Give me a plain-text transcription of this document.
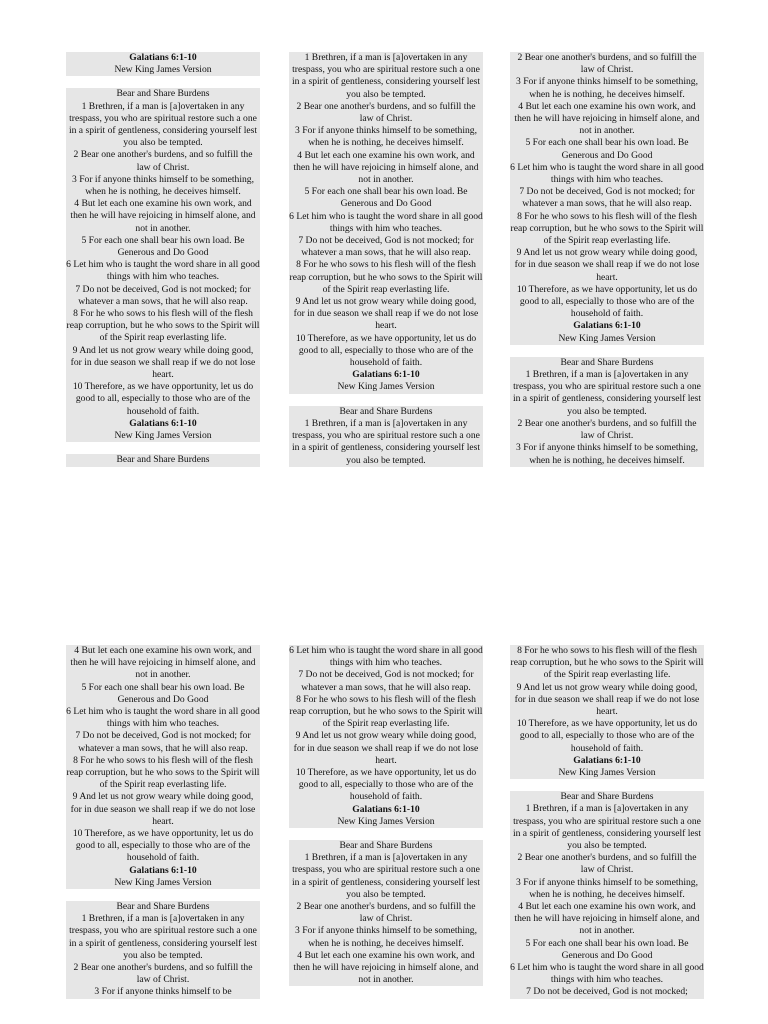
Galatians 6:1-10
New King James Version
Bear and Share Burdens
1 Brethren, if a man is [a]overtaken in any trespass, you who are spiritual restore such a one in a spirit of gentleness, considering yourself lest you also be tempted.
2 Bear one another's burdens, and so fulfill the law of Christ.
3 For if anyone thinks himself to be something, when he is nothing, he deceives himself.
4 But let each one examine his own work, and then he will have rejoicing in himself alone, and not in another.
5 For each one shall bear his own load. Be Generous and Do Good
6 Let him who is taught the word share in all good things with him who teaches.
7 Do not be deceived, God is not mocked; for whatever a man sows, that he will also reap.
8 For he who sows to his flesh will of the flesh reap corruption, but he who sows to the Spirit will of the Spirit reap everlasting life.
9 And let us not grow weary while doing good, for in due season we shall reap if we do not lose heart.
10 Therefore, as we have opportunity, let us do good to all, especially to those who are of the household of faith.
Galatians 6:1-10
New King James Version
Bear and Share Burdens
1 Brethren, if a man is [a]overtaken in any trespass, you who are spiritual restore such a one in a spirit of gentleness, considering yourself lest you also be tempted.
2 Bear one another's burdens, and so fulfill the law of Christ.
3 For if anyone thinks himself to be something, when he is nothing, he deceives himself.
4 But let each one examine his own work, and then he will have rejoicing in himself alone, and not in another.
5 For each one shall bear his own load. Be Generous and Do Good
6 Let him who is taught the word share in all good things with him who teaches.
7 Do not be deceived, God is not mocked; for whatever a man sows, that he will also reap.
8 For he who sows to his flesh will of the flesh reap corruption, but he who sows to the Spirit will of the Spirit reap everlasting life.
9 And let us not grow weary while doing good, for in due season we shall reap if we do not lose heart.
10 Therefore, as we have opportunity, let us do good to all, especially to those who are of the household of faith.
Galatians 6:1-10
New King James Version
Bear and Share Burdens
1 Brethren, if a man is [a]overtaken in any trespass, you who are spiritual restore such a one in a spirit of gentleness, considering yourself lest you also be tempted.
2 Bear one another's burdens, and so fulfill the law of Christ.
3 For if anyone thinks himself to be something, when he is nothing, he deceives himself.
4 But let each one examine his own work, and then he will have rejoicing in himself alone, and not in another.
5 For each one shall bear his own load. Be Generous and Do Good
6 Let him who is taught the word share in all good things with him who teaches.
7 Do not be deceived, God is not mocked; for whatever a man sows, that he will also reap.
8 For he who sows to his flesh will of the flesh reap corruption, but he who sows to the Spirit will of the Spirit reap everlasting life.
9 And let us not grow weary while doing good, for in due season we shall reap if we do not lose heart.
10 Therefore, as we have opportunity, let us do good to all, especially to those who are of the household of faith.
Galatians 6:1-10
New King James Version
Bear and Share Burdens
1 Brethren, if a man is [a]overtaken in any trespass, you who are spiritual restore such a one in a spirit of gentleness, considering yourself lest you also be tempted.
2 Bear one another's burdens, and so fulfill the law of Christ.
3 For if anyone thinks himself to be something, when he is nothing, he deceives himself.
4 But let each one examine his own work, and then he will have rejoicing in himself alone, and not in another.
5 For each one shall bear his own load. Be Generous and Do Good
6 Let him who is taught the word share in all good things with him who teaches.
7 Do not be deceived, God is not mocked; for whatever a man sows, that he will also reap.
8 For he who sows to his flesh will of the flesh reap corruption, but he who sows to the Spirit will of the Spirit reap everlasting life.
9 And let us not grow weary while doing good, for in due season we shall reap if we do not lose heart.
10 Therefore, as we have opportunity, let us do good to all, especially to those who are of the household of faith.
Galatians 6:1-10
New King James Version
Bear and Share Burdens
1 Brethren, if a man is [a]overtaken in any trespass, you who are spiritual restore such a one in a spirit of gentleness, considering yourself lest you also be tempted.
2 Bear one another's burdens, and so fulfill the law of Christ.
3 For if anyone thinks himself to be
6 Let him who is taught the word share in all good things with him who teaches.
7 Do not be deceived, God is not mocked; for whatever a man sows, that he will also reap.
8 For he who sows to his flesh will of the flesh reap corruption, but he who sows to the Spirit will of the Spirit reap everlasting life.
9 And let us not grow weary while doing good, for in due season we shall reap if we do not lose heart.
10 Therefore, as we have opportunity, let us do good to all, especially to those who are of the household of faith.
Galatians 6:1-10
New King James Version
Bear and Share Burdens
1 Brethren, if a man is [a]overtaken in any trespass, you who are spiritual restore such a one in a spirit of gentleness, considering yourself lest you also be tempted.
2 Bear one another's burdens, and so fulfill the law of Christ.
3 For if anyone thinks himself to be something, when he is nothing, he deceives himself.
4 But let each one examine his own work, and then he will have rejoicing in himself alone, and not in another.
8 For he who sows to his flesh will of the flesh reap corruption, but he who sows to the Spirit will of the Spirit reap everlasting life.
9 And let us not grow weary while doing good, for in due season we shall reap if we do not lose heart.
10 Therefore, as we have opportunity, let us do good to all, especially to those who are of the household of faith.
Galatians 6:1-10
New King James Version
Bear and Share Burdens
1 Brethren, if a man is [a]overtaken in any trespass, you who are spiritual restore such a one in a spirit of gentleness, considering yourself lest you also be tempted.
2 Bear one another's burdens, and so fulfill the law of Christ.
3 For if anyone thinks himself to be something, when he is nothing, he deceives himself.
4 But let each one examine his own work, and then he will have rejoicing in himself alone, and not in another.
5 For each one shall bear his own load. Be Generous and Do Good
6 Let him who is taught the word share in all good things with him who teaches.
7 Do not be deceived, God is not mocked;
